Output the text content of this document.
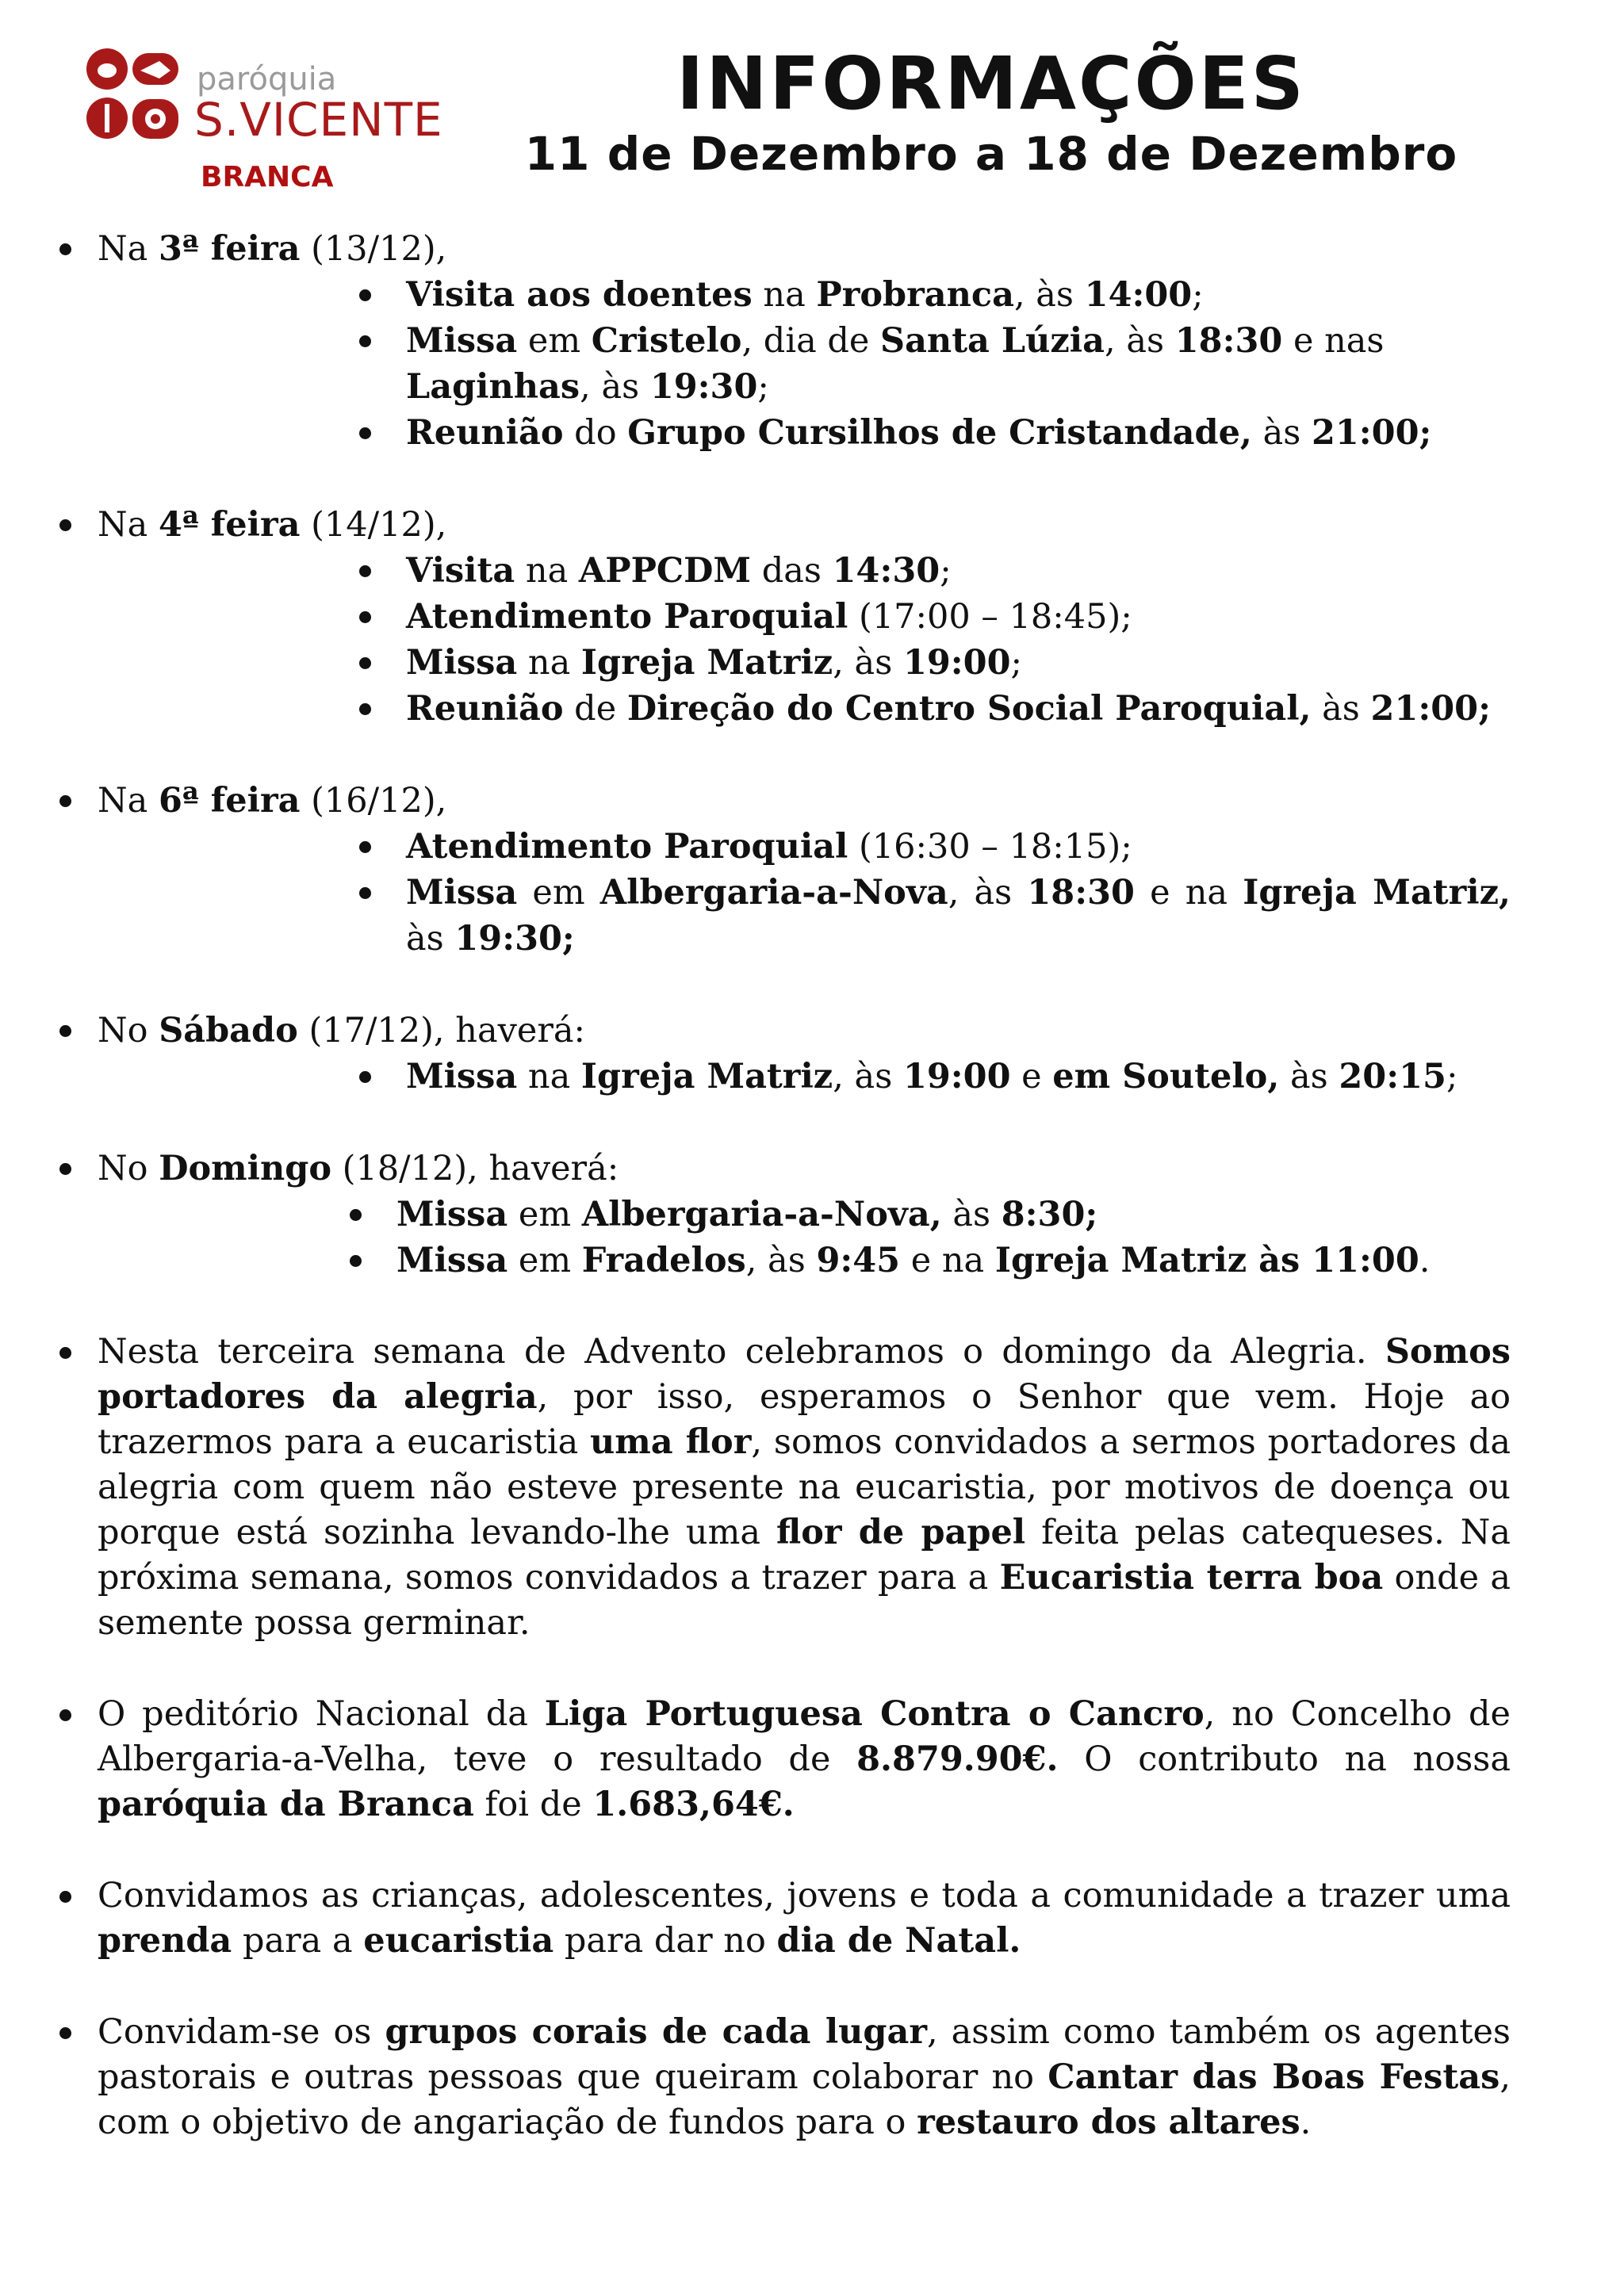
paróquia
S.VICENTE
BRANCA
INFORMAÇÕES
11 de Dezembro a 18 de Dezembro
Na 3ª feira (13/12),
Visita aos doentes na Probranca, às 14:00;
Missa em Cristelo, dia de Santa Lúzia, às 18:30 e nas Laginhas, às 19:30;
Reunião do Grupo Cursilhos de Cristandade, às 21:00;
Na 4ª feira (14/12),
Visita na APPCDM das 14:30;
Atendimento Paroquial (17:00 – 18:45);
Missa na Igreja Matriz, às 19:00;
Reunião de Direção do Centro Social Paroquial, às 21:00;
Na 6ª feira (16/12),
Atendimento Paroquial (16:30 – 18:15);
Missa em Albergaria-a-Nova, às 18:30 e na Igreja Matriz, às 19:30;
No Sábado (17/12), haverá:
Missa na Igreja Matriz, às 19:00 e em Soutelo, às 20:15;
No Domingo (18/12), haverá:
Missa em Albergaria-a-Nova, às 8:30;
Missa em Fradelos, às 9:45 e na Igreja Matriz às 11:00.
Nesta terceira semana de Advento celebramos o domingo da Alegria. Somos portadores da alegria, por isso, esperamos o Senhor que vem. Hoje ao trazermos para a eucaristia uma flor, somos convidados a sermos portadores da alegria com quem não esteve presente na eucaristia, por motivos de doença ou porque está sozinha levando-lhe uma flor de papel feita pelas catequeses. Na próxima semana, somos convidados a trazer para a Eucaristia terra boa onde a semente possa germinar.
O peditório Nacional da Liga Portuguesa Contra o Cancro, no Concelho de Albergaria-a-Velha, teve o resultado de 8.879.90€. O contributo na nossa paróquia da Branca foi de 1.683,64€.
Convidamos as crianças, adolescentes, jovens e toda a comunidade a trazer uma prenda para a eucaristia para dar no dia de Natal.
Convidam-se os grupos corais de cada lugar, assim como também os agentes pastorais e outras pessoas que queiram colaborar no Cantar das Boas Festas, com o objetivo de angariação de fundos para o restauro dos altares.
